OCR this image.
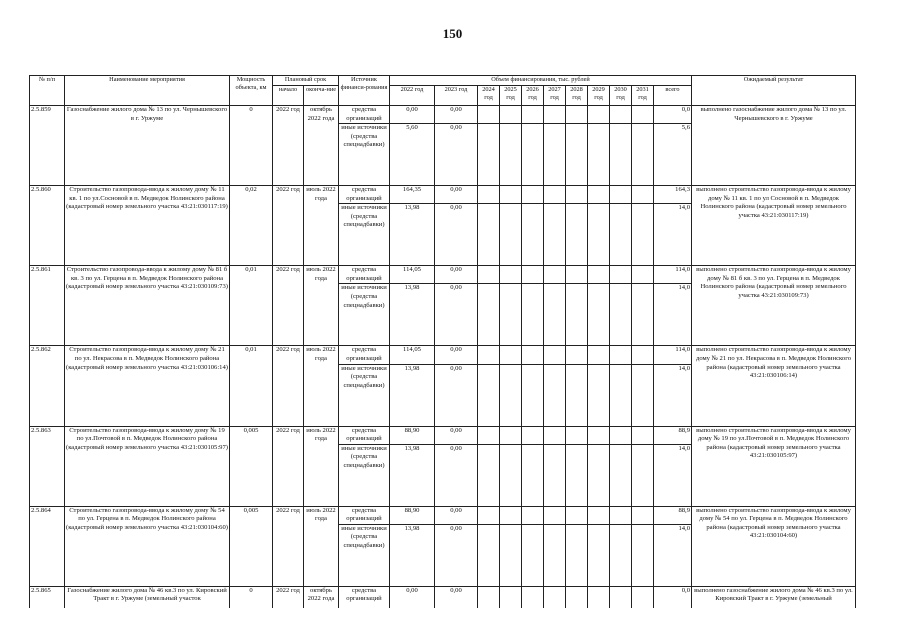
150
№ п/п	Наименование мероприятия	Мощность объекта, км	Плановый срок		Источник финанси-рования	Объем финансирования, тыс. рублей											Ожидаемый результат
			начало	оконча-ние		2022 год	2023 год	2024 год	2025 год	2026 год	2027 год	2028 год	2029 год	2030 год	2031 год	всего	
2.5.859	Газоснабжение жилого дома № 13 по ул. Чернышевского в г. Уржуме	0	2022 год	октябрь 2022 года	средства организаций	0,00	0,00									0,0	выполнено газоснабжение жилого дома № 13 по ул. Чернышевского в г. Уржуме
					иные источники (средства спецнадбавки)	5,60	0,00									5,6	
2.5.860	Строительство газопровода-ввода к жилому дому № 11 кв. 1 по ул.Сосновой в п. Медведок Нолинского района (кадастровый номер земельного участка 43:21:030117:19)	0,02	2022 год	июль 2022 года	средства организаций	164,35	0,00									164,3	выполнено строительство газопровода-ввода к жилому дому № 11 кв. 1 по ул Сосновой в п. Медведок Нолинского района (кадастровый номер земельного участка 43:21:030117:19)
					иные источники (средства спецнадбавки)	13,98	0,00									14,0	
2.5.861	Строительство газопровода-ввода к жилому дому № 81 б кв. 3 по ул. Герцена в п. Медведок Нолинского района (кадастровый номер земельного участка 43:21:030109:73)	0,01	2022 год	июль 2022 года	средства организаций	114,05	0,00									114,0	выполнено строительство газопровода-ввода к жилому дому № 81 б кв. 3 по ул. Герцена в п. Медведок Нолинского района (кадастровый номер земельного участка 43:21:030109:73)
					иные источники (средства спецнадбавки)	13,98	0,00									14,0	
2.5.862	Строительство газопровода-ввода к жилому дому № 21 по ул. Некрасова в п. Медведок Нолинского района (кадастровый номер земельного участка 43:21:030106:14)	0,01	2022 год	июль 2022 года	средства организаций	114,05	0,00									114,0	выполнено строительство газопровода-ввода к жилому дому № 21 по ул. Некрасова в п. Медведок Нолинского района (кадастровый номер земельного участка 43:21:030106:14)
					иные источники (средства спецнадбавки)	13,98	0,00									14,0	
2.5.863	Строительство газопровода-ввода к жилому дому № 19 по ул.Почтовой в п. Медведок Нолинского района (кадастровый номер земельного участка 43:21:030105:97)	0,005	2022 год	июль 2022 года	средства организаций	88,90	0,00									88,9	выполнено строительство газопровода-ввода к жилому дому № 19 по ул.Почтовой в п. Медведок Нолинского района (кадастровый номер земельного участка 43:21:030105:97)
					иные источники (средства спецнадбавки)	13,98	0,00									14,0	
2.5.864	Строительство газопровода-ввода к жилому дому № 54 по ул. Герцена в п. Медведок Нолинского района (кадастровый номер земельного участка 43:21:030104:60)	0,005	2022 год	июль 2022 года	средства организаций	88,90	0,00									88,9	выполнено строительство газопровода-ввода к жилому дому № 54 по ул. Герцена в п. Медведок Нолинского района (кадастровый номер земельного участка 43:21:030104:60)
					иные источники (средства спецнадбавки)	13,98	0,00									14,0	
2.5.865	Газоснабжение жилого дома № 46 кв.3 по ул. Кировский Тракт в г. Уржуме (земельный участок	0	2022 год	октябрь 2022 года	средства организаций	0,00	0,00									0,0	выполнено газоснабжение жилого дома № 46 кв.3 по ул. Кировский Тракт в г. Уржуме (земельный
